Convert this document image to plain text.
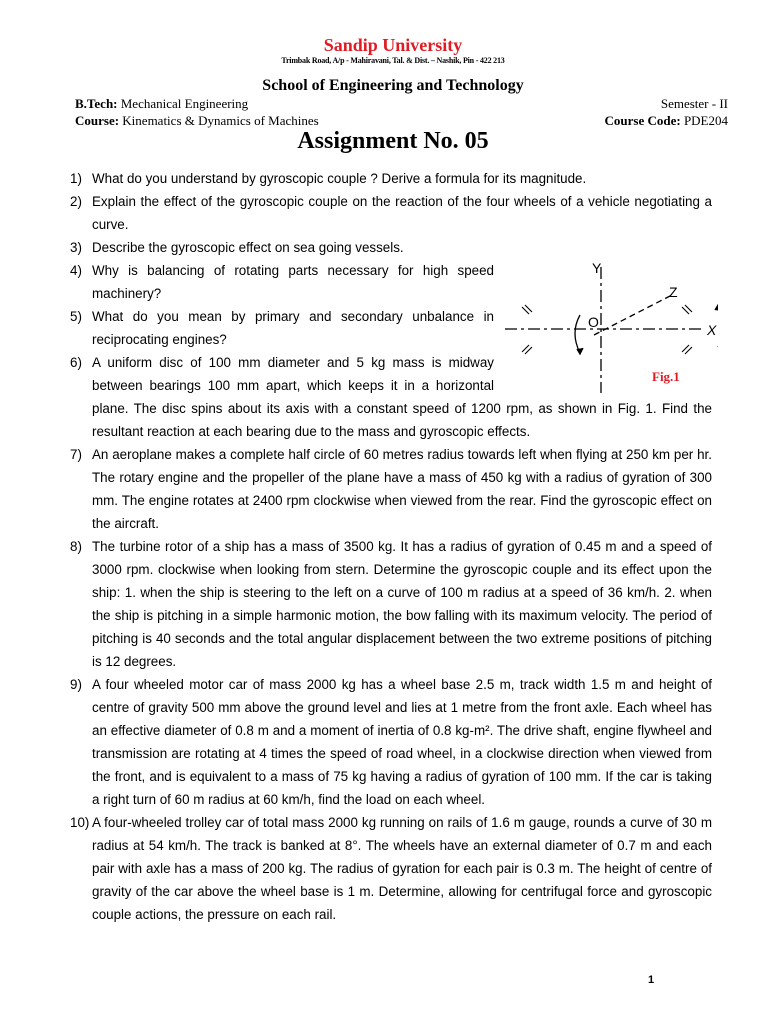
Sandip University
Trimbak Road, A/p - Mahiravani, Tal. & Dist. – Nashik, Pin - 422 213
School of Engineering and Technology
B.Tech: Mechanical Engineering
Course: Kinematics & Dynamics of Machines
Semester - II
Course Code: PDE204
Assignment No. 05
1) What do you understand by gyroscopic couple ? Derive a formula for its magnitude.
2) Explain the effect of the gyroscopic couple on the reaction of the four wheels of a vehicle negotiating a curve.
3) Describe the gyroscopic effect on sea going vessels.
Y
Z
O	X
Fig.1
4) Why is balancing of rotating parts necessary for high speed machinery?
5) What do you mean by primary and secondary unbalance in reciprocating engines?
6) A uniform disc of 100 mm diameter and 5 kg mass is midway between bearings 100 mm apart, which keeps it in a horizontal plane. The disc spins about its axis with a constant speed of 1200 rpm, as shown in Fig. 1. Find the resultant reaction at each bearing due to the mass and gyroscopic effects.
7) An aeroplane makes a complete half circle of 60 metres radius towards left when flying at 250 km per hr. The rotary engine and the propeller of the plane have a mass of 450 kg with a radius of gyration of 300 mm. The engine rotates at 2400 rpm clockwise when viewed from the rear. Find the gyroscopic effect on the aircraft.
8) The turbine rotor of a ship has a mass of 3500 kg. It has a radius of gyration of 0.45 m and a speed of 3000 rpm. clockwise when looking from stern. Determine the gyroscopic couple and its effect upon the ship: 1. when the ship is steering to the left on a curve of 100 m radius at a speed of 36 km/h. 2. when the ship is pitching in a simple harmonic motion, the bow falling with its maximum velocity. The period of pitching is 40 seconds and the total angular displacement between the two extreme positions of pitching is 12 degrees.
9) A four wheeled motor car of mass 2000 kg has a wheel base 2.5 m, track width 1.5 m and height of centre of gravity 500 mm above the ground level and lies at 1 metre from the front axle. Each wheel has an effective diameter of 0.8 m and a moment of inertia of 0.8 kg-m². The drive shaft, engine flywheel and transmission are rotating at 4 times the speed of road wheel, in a clockwise direction when viewed from the front, and is equivalent to a mass of 75 kg having a radius of gyration of 100 mm. If the car is taking a right turn of 60 m radius at 60 km/h, find the load on each wheel.
10) A four-wheeled trolley car of total mass 2000 kg running on rails of 1.6 m gauge, rounds a curve of 30 m radius at 54 km/h. The track is banked at 8°. The wheels have an external diameter of 0.7 m and each pair with axle has a mass of 200 kg. The radius of gyration for each pair is 0.3 m. The height of centre of gravity of the car above the wheel base is 1 m. Determine, allowing for centrifugal force and gyroscopic couple actions, the pressure on each rail.
1
